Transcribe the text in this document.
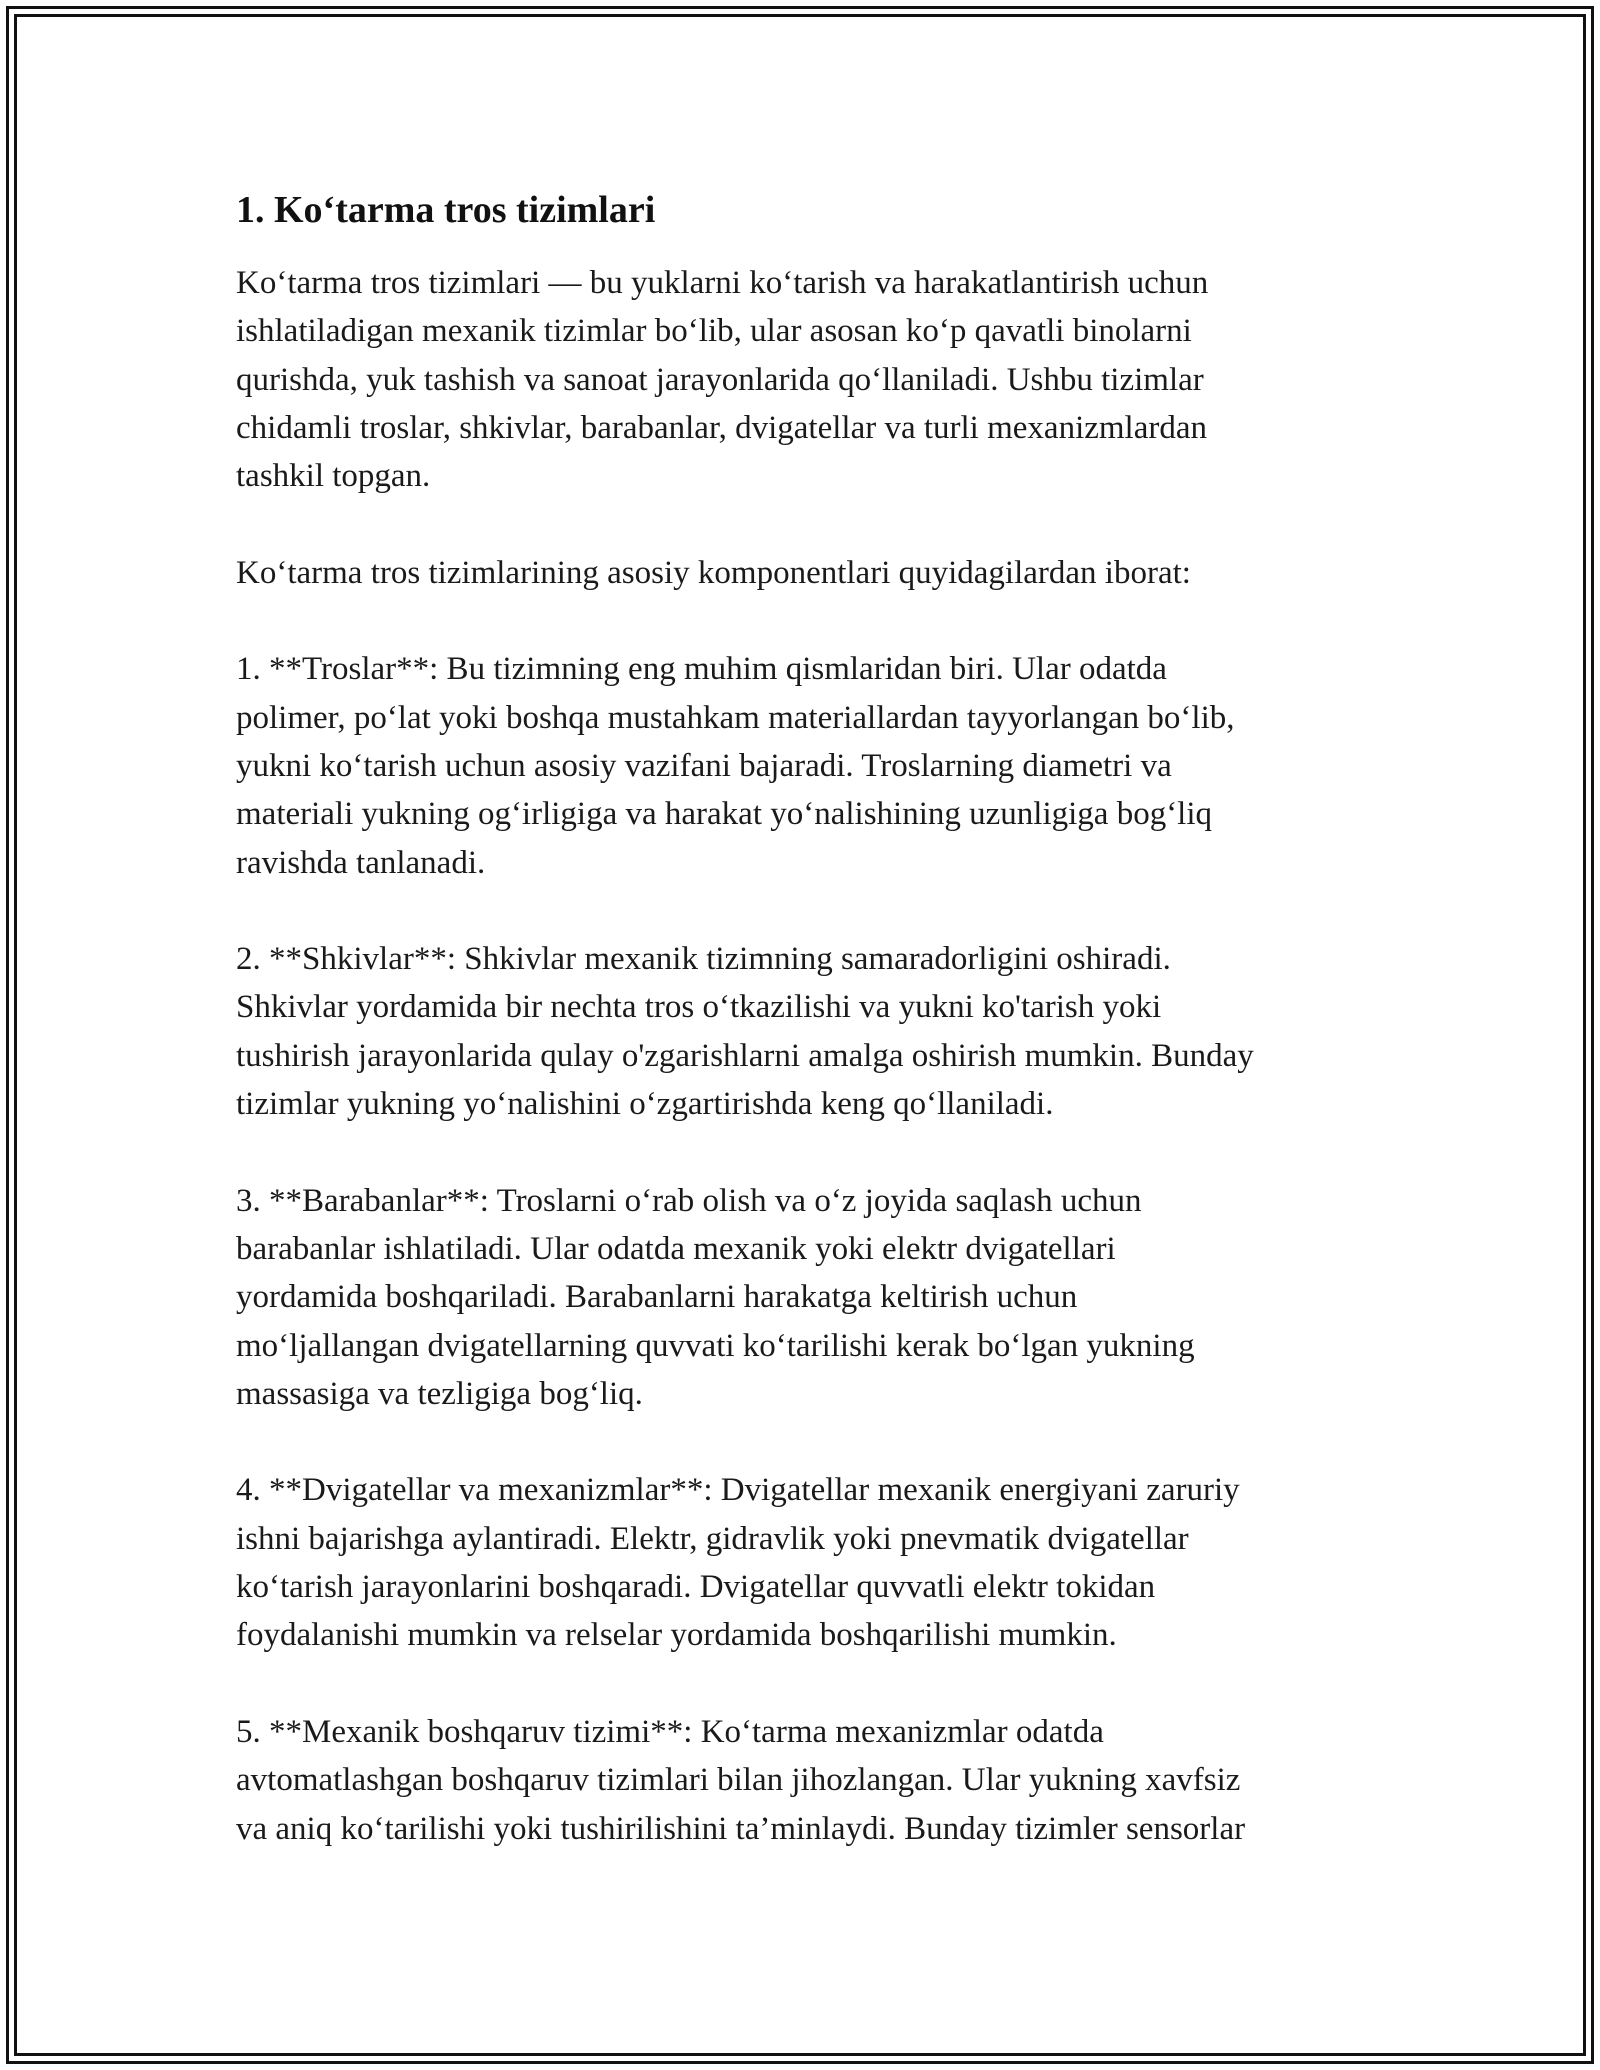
1. Ko‘tarma tros tizimlari

Ko‘tarma tros tizimlari — bu yuklarni ko‘tarish va harakatlantirish uchun
ishlatiladigan mexanik tizimlar bo‘lib, ular asosan ko‘p qavatli binolarni
qurishda, yuk tashish va sanoat jarayonlarida qo‘llaniladi. Ushbu tizimlar
chidamli troslar, shkivlar, barabanlar, dvigatellar va turli mexanizmlardan
tashkil topgan.

Ko‘tarma tros tizimlarining asosiy komponentlari quyidagilardan iborat:

1. **Troslar**: Bu tizimning eng muhim qismlaridan biri. Ular odatda
polimer, po‘lat yoki boshqa mustahkam materiallardan tayyorlangan bo‘lib,
yukni ko‘tarish uchun asosiy vazifani bajaradi. Troslarning diametri va
materiali yukning og‘irligiga va harakat yo‘nalishining uzunligiga bog‘liq
ravishda tanlanadi.

2. **Shkivlar**: Shkivlar mexanik tizimning samaradorligini oshiradi.
Shkivlar yordamida bir nechta tros o‘tkazilishi va yukni ko'tarish yoki
tushirish jarayonlarida qulay o'zgarishlarni amalga oshirish mumkin. Bunday
tizimlar yukning yo‘nalishini o‘zgartirishda keng qo‘llaniladi.

3. **Barabanlar**: Troslarni o‘rab olish va o‘z joyida saqlash uchun
barabanlar ishlatiladi. Ular odatda mexanik yoki elektr dvigatellari
yordamida boshqariladi. Barabanlarni harakatga keltirish uchun
mo‘ljallangan dvigatellarning quvvati ko‘tarilishi kerak bo‘lgan yukning
massasiga va tezligiga bog‘liq.

4. **Dvigatellar va mexanizmlar**: Dvigatellar mexanik energiyani zaruriy
ishni bajarishga aylantiradi. Elektr, gidravlik yoki pnevmatik dvigatellar
ko‘tarish jarayonlarini boshqaradi. Dvigatellar quvvatli elektr tokidan
foydalanishi mumkin va relselar yordamida boshqarilishi mumkin.

5. **Mexanik boshqaruv tizimi**: Ko‘tarma mexanizmlar odatda
avtomatlashgan boshqaruv tizimlari bilan jihozlangan. Ular yukning xavfsiz
va aniq ko‘tarilishi yoki tushirilishini ta’minlaydi. Bunday tizimler sensorlar
